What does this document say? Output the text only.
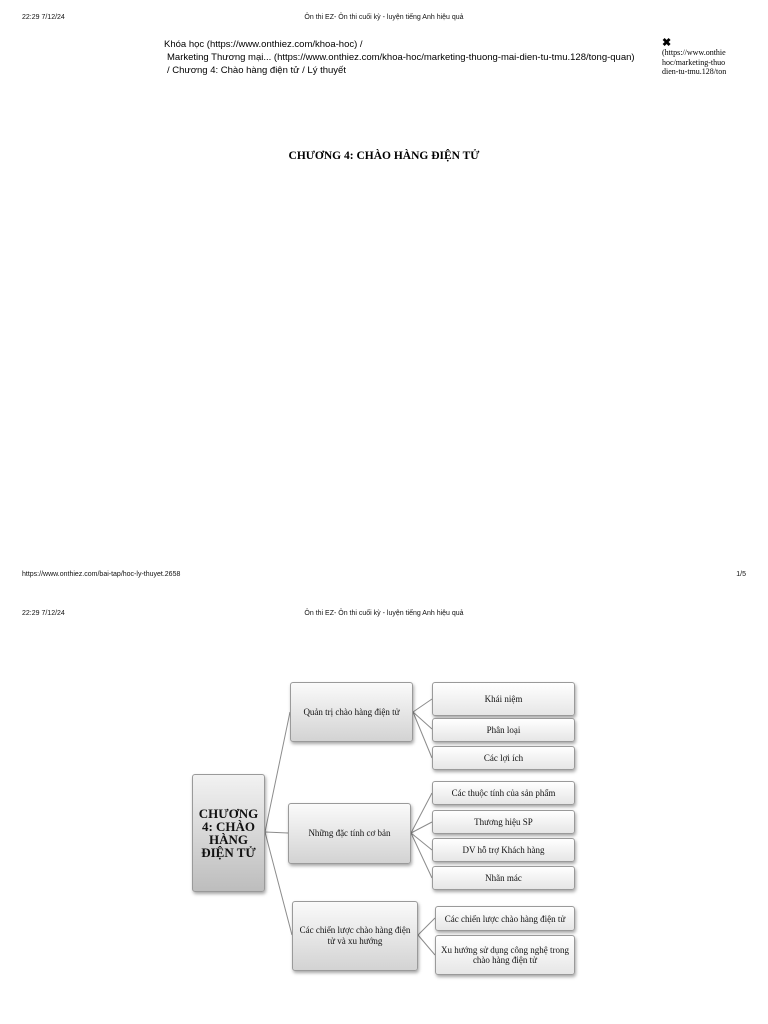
22:29 7/12/24	Ôn thi EZ- Ôn thi cuối kỳ - luyện tiếng Anh hiệu quả
Khóa học (https://www.onthiez.com/khoa-hoc) /
Marketing Thương mại... (https://www.onthiez.com/khoa-hoc/marketing-thuong-mai-dien-tu-tmu.128/tong-quan)
/ Chương 4: Chào hàng điện tử / Lý thuyết
✖
(https://www.onthie
hoc/marketing-thuo
dien-tu-tmu.128/ton
CHƯƠNG 4: CHÀO HÀNG ĐIỆN TỬ
https://www.onthiez.com/bai-tap/hoc-ly-thuyet.2658	1/5
22:29 7/12/24	Ôn thi EZ- Ôn thi cuối kỳ - luyện tiếng Anh hiệu quả
CHƯƠNG 4: CHÀO HÀNG ĐIỆN TỬ
Quản trị chào hàng điện tử
Những đặc tính cơ bản
Các chiến lược chào hàng điện tử và xu hướng
Khái niệm
Phân loại
Các lợi ích
Các thuộc tính của sản phẩm
Thương hiệu SP
DV hỗ trợ Khách hàng
Nhãn mác
Các chiến lược chào hàng điện tử
Xu hướng sử dụng công nghệ trong chào hàng điện tử
